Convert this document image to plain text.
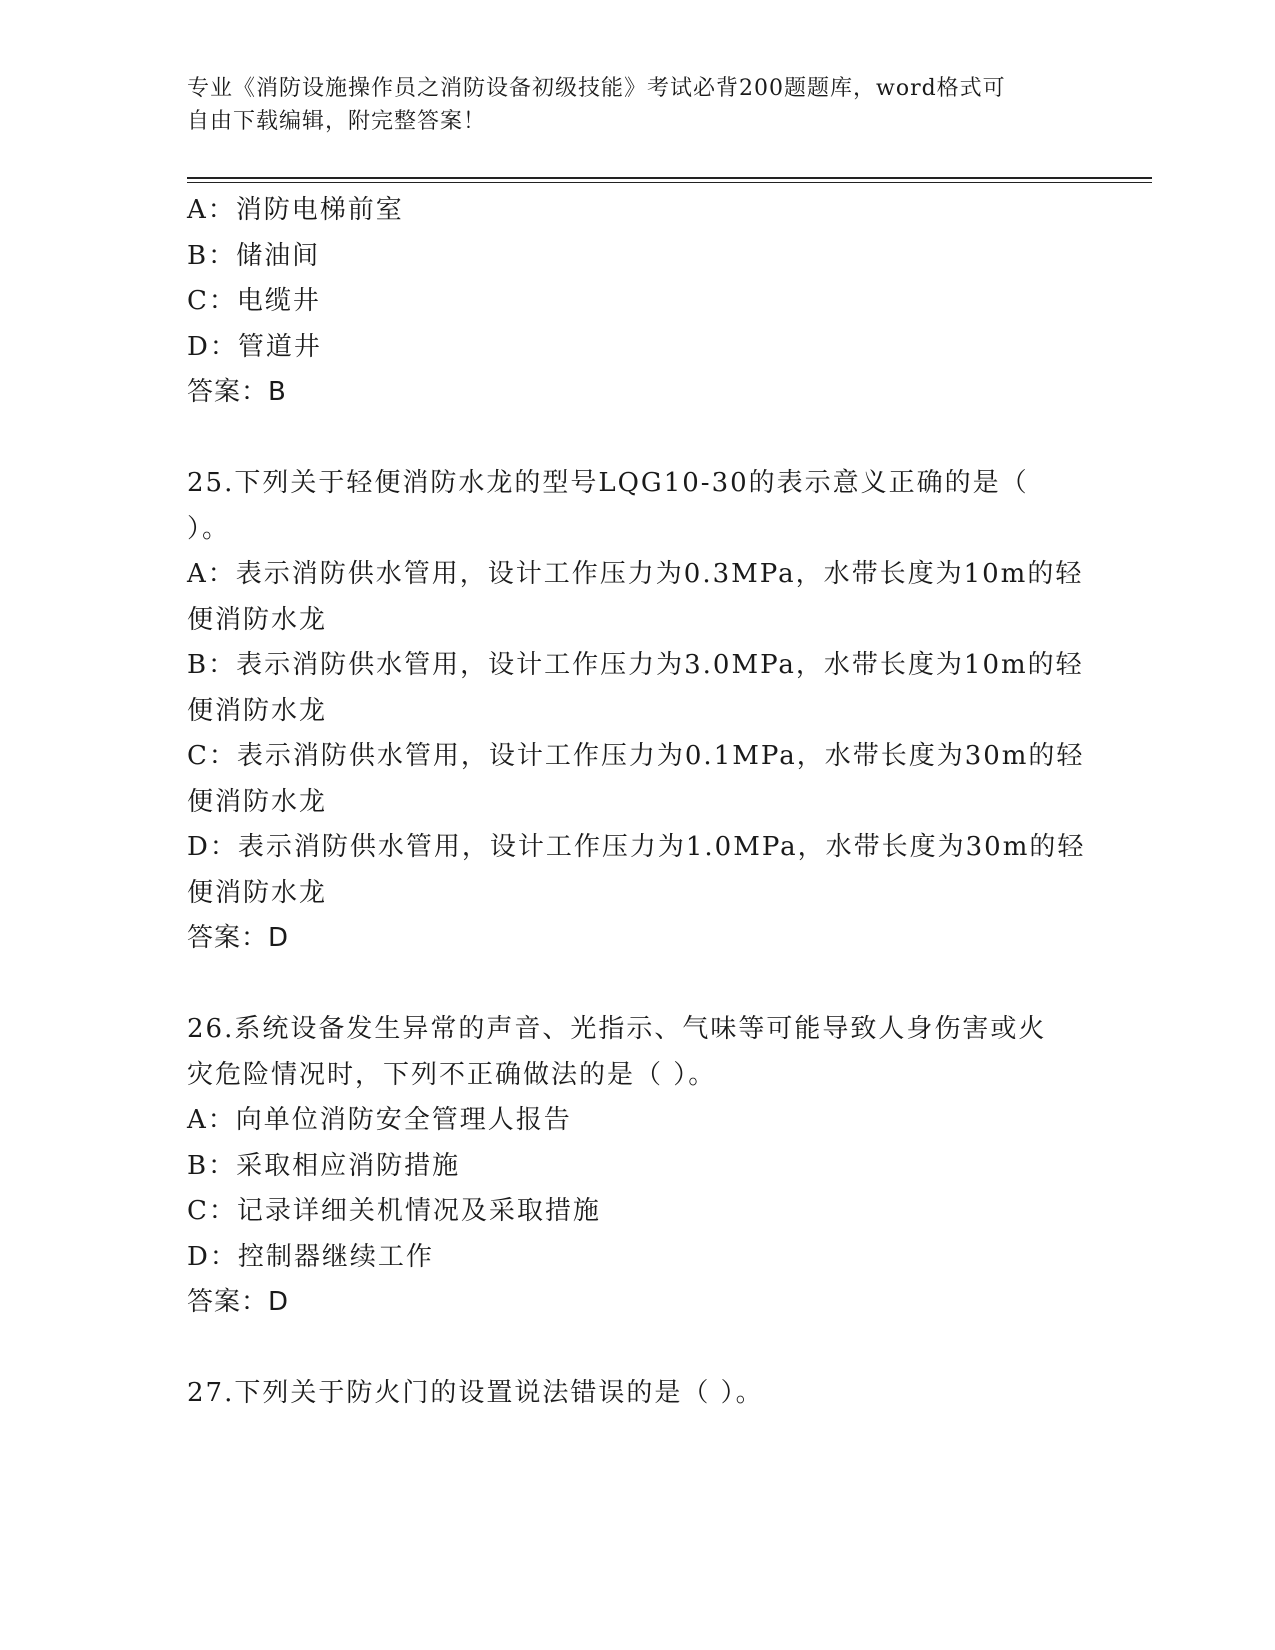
专业《消防设施操作员之消防设备初级技能》考试必背200题题库，word格式可
自由下载编辑，附完整答案！
A：消防电梯前室
B：储油间
C：电缆井
D：管道井
答案：B
25.下列关于轻便消防水龙的型号LQG10-30的表示意义正确的是（
）。
A：表示消防供水管用，设计工作压力为0.3MPa，水带长度为10m的轻
便消防水龙
B：表示消防供水管用，设计工作压力为3.0MPa，水带长度为10m的轻
便消防水龙
C：表示消防供水管用，设计工作压力为0.1MPa，水带长度为30m的轻
便消防水龙
D：表示消防供水管用，设计工作压力为1.0MPa，水带长度为30m的轻
便消防水龙
答案：D
26.系统设备发生异常的声音、光指示、气味等可能导致人身伤害或火
灾危险情况时，下列不正确做法的是（ ）。
A：向单位消防安全管理人报告
B：采取相应消防措施
C：记录详细关机情况及采取措施
D：控制器继续工作
答案：D
27.下列关于防火门的设置说法错误的是（ ）。
